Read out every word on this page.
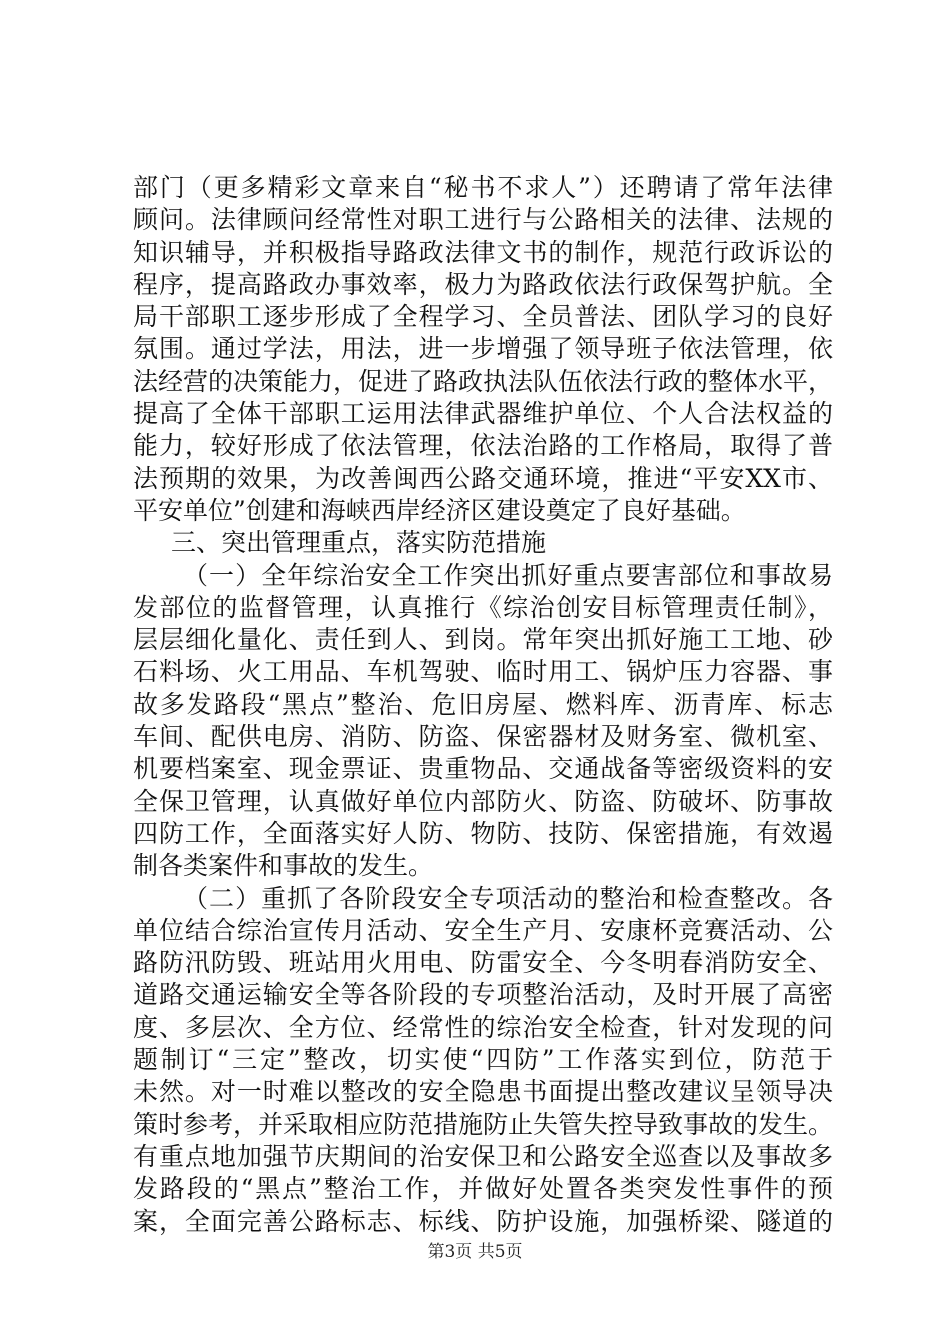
部门（更多精彩文章来自“秘书不求人”）还聘请了常年法律
顾问。法律顾问经常性对职工进行与公路相关的法律、法规的
知识辅导，并积极指导路政法律文书的制作，规范行政诉讼的
程序，提高路政办事效率，极力为路政依法行政保驾护航。全
局干部职工逐步形成了全程学习、全员普法、团队学习的良好
氛围。通过学法，用法，进一步增强了领导班子依法管理，依
法经营的决策能力，促进了路政执法队伍依法行政的整体水平，
提高了全体干部职工运用法律武器维护单位、个人合法权益的
能力，较好形成了依法管理，依法治路的工作格局，取得了普
法预期的效果，为改善闽西公路交通环境，推进“平安XX市、
平安单位”创建和海峡西岸经济区建设奠定了良好基础。
三、突出管理重点，落实防范措施
（一）全年综治安全工作突出抓好重点要害部位和事故易
发部位的监督管理，认真推行《综治创安目标管理责任制》，
层层细化量化、责任到人、到岗。常年突出抓好施工工地、砂
石料场、火工用品、车机驾驶、临时用工、锅炉压力容器、事
故多发路段“黑点”整治、危旧房屋、燃料库、沥青库、标志
车间、配供电房、消防、防盗、保密器材及财务室、微机室、
机要档案室、现金票证、贵重物品、交通战备等密级资料的安
全保卫管理，认真做好单位内部防火、防盗、防破坏、防事故
四防工作，全面落实好人防、物防、技防、保密措施，有效遏
制各类案件和事故的发生。
（二）重抓了各阶段安全专项活动的整治和检查整改。各
单位结合综治宣传月活动、安全生产月、安康杯竞赛活动、公
路防汛防毁、班站用火用电、防雷安全、今冬明春消防安全、
道路交通运输安全等各阶段的专项整治活动，及时开展了高密
度、多层次、全方位、经常性的综治安全检查，针对发现的问
题制订“三定”整改，切实使“四防”工作落实到位，防范于
未然。对一时难以整改的安全隐患书面提出整改建议呈领导决
策时参考，并采取相应防范措施防止失管失控导致事故的发生。
有重点地加强节庆期间的治安保卫和公路安全巡查以及事故多
发路段的“黑点”整治工作，并做好处置各类突发性事件的预
案，全面完善公路标志、标线、防护设施，加强桥梁、隧道的
第3页 共5页
